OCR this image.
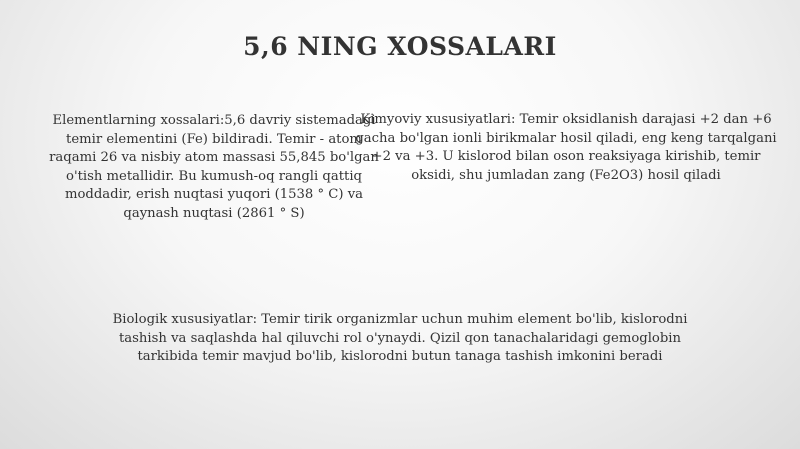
5,6 NING XOSSALARI
Elementlarning xossalari:5,6 davriy sistemadagi temir elementini (Fe) bildiradi. Temir - atom raqami 26 va nisbiy atom massasi 55,845 bo'lgan o'tish metallidir. Bu kumush-oq rangli qattiq moddadir, erish nuqtasi yuqori (1538 ° C) va qaynash nuqtasi (2861 ° S)
Kimyoviy xususiyatlari: Temir oksidlanish darajasi +2 dan +6 gacha bo'lgan ionli birikmalar hosil qiladi, eng keng tarqalgani +2 va +3. U kislorod bilan oson reaksiyaga kirishib, temir oksidi, shu jumladan zang (Fe2O3) hosil qiladi
Biologik xususiyatlar: Temir tirik organizmlar uchun muhim element bo'lib, kislorodni tashish va saqlashda hal qiluvchi rol o'ynaydi. Qizil qon tanachalaridagi gemoglobin tarkibida temir mavjud bo'lib, kislorodni butun tanaga tashish imkonini beradi
